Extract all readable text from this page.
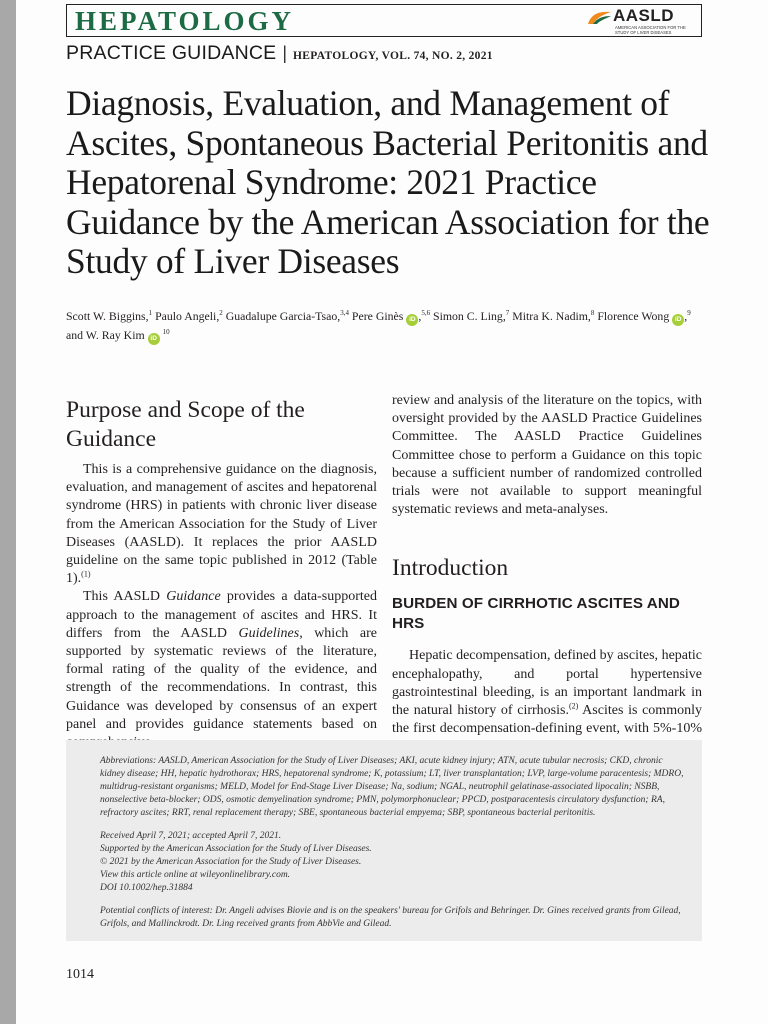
HEPATOLOGY	AASLD
AMERICAN ASSOCIATION FOR THE STUDY OF LIVER DISEASES
PRACTICE GUIDANCE | HEPATOLOGY, VOL. 74, NO. 2, 2021
Diagnosis, Evaluation, and Management of Ascites, Spontaneous Bacterial Peritonitis and Hepatorenal Syndrome: 2021 Practice Guidance by the American Association for the Study of Liver Diseases
Scott W. Biggins,$^1$ Paulo Angeli,$^2$ Guadalupe Garcia-Tsao,$^{3,4}$ Pere Ginès iD ,$^{5,6}$ Simon C. Ling,$^7$ Mitra K. Nadim,$^8$ Florence Wong iD ,$^9$
and W. Ray Kim iD $^{10}$
Purpose and Scope of the Guidance

This is a comprehensive guidance on the diagnosis, evaluation, and management of ascites and hepatorenal syndrome (HRS) in patients with chronic liver disease from the American Association for the Study of Liver Diseases (AASLD). It replaces the prior AASLD guideline on the same topic published in 2012 (Table 1).$^{(1)}$

This AASLD Guidance provides a data-supported approach to the management of ascites and HRS. It differs from the AASLD Guidelines, which are supported by systematic reviews of the literature, formal rating of the quality of the evidence, and strength of the recommendations. In contrast, this Guidance was developed by consensus of an expert panel and provides guidance statements based on

review and analysis of the literature on the topics, with oversight provided by the AASLD Practice Guidelines Committee. The AASLD Practice Guidelines Committee chose to perform a Guidance on this topic because a sufficient number of randomized controlled trials were not available to support meaningful systematic reviews and meta-analyses.

Introduction
BURDEN OF CIRRHOTIC ASCITES AND HRS

Hepatic decompensation, defined by ascites, hepatic encephalopathy, and portal hypertensive gastrointestinal bleeding, is an important landmark in the natural history of cirrhosis.$^{(2)}$ Ascites is commonly the first decompensation-defining event, with 5%-10%

Abbreviations: AASLD, American Association for the Study of Liver Diseases; AKI, acute kidney injury; ATN, acute tubular necrosis; CKD, chronic kidney disease; HH, hepatic hydrothorax; HRS, hepatorenal syndrome; K, potassium; LT, liver transplantation; LVP, large-volume paracentesis; MDRO, multidrug-resistant organisms; MELD, Model for End-Stage Liver Disease; Na, sodium; NGAL, neutrophil gelatinase-associated lipocalin; NSBB, nonselective beta-blocker; ODS, osmotic demyelination syndrome; PMN, polymorphonuclear; PPCD, postparacentesis circulatory dysfunction; RA, refractory ascites; RRT, renal replacement therapy; SBE, spontaneous bacterial empyema; SBP, spontaneous bacterial peritonitis.

Received April 7, 2021; accepted April 7, 2021.

Supported by the American Association for the Study of Liver Diseases.

© 2021 by the American Association for the Study of Liver Diseases.

View this article online at wileyonlinelibrary.com.

DOI 10.1002/hep.31884

Potential conflicts of interest: Dr. Angeli advises Biovie and is on the speakers' bureau for Grifols and Behringer. Dr. Gines received grants from Gilead, Grifols, and Mallinckrodt. Dr. Ling received grants from AbbVie and Gilead.

1014
